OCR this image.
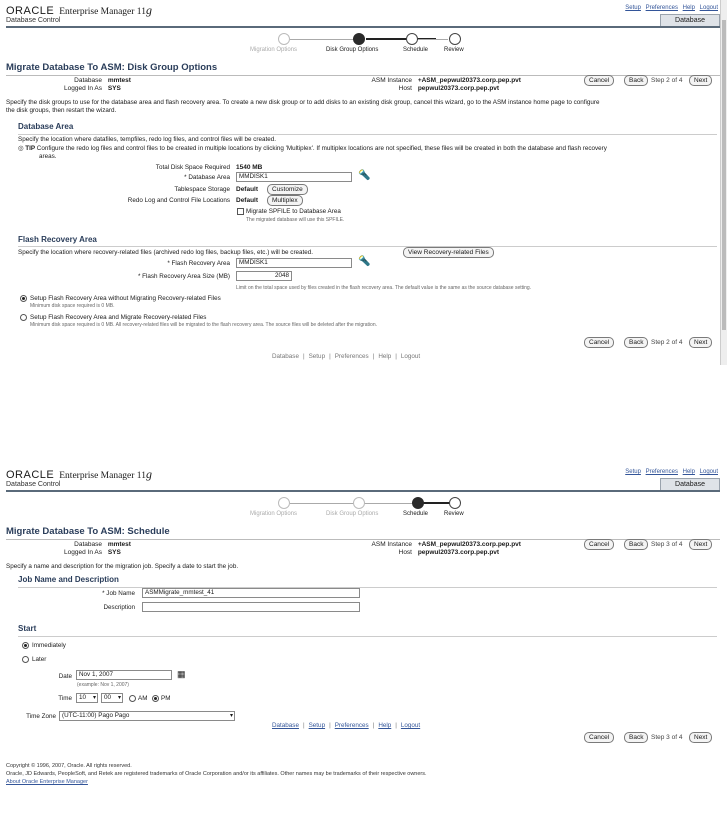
ORACLE Enterprise Manager 11g
Database Control
Setup Preferences Help Logout
Database
Migration Options	Disk Group Options	Schedule	Review
Migrate Database To ASM: Disk Group Options
Database mmtest
Logged In As SYS
ASM Instance +ASM_pepwul20373.corp.pep.pvt
Host pepwul20373.corp.pep.pvt
Cancel	Back	Step 2 of 4	Next
Specify the disk groups to use for the database area and flash recovery area. To create a new disk group or to add disks to an existing disk group, cancel this wizard, go to the ASM instance home page to configure
the disk groups, then restart the wizard.
Database Area
Specify the location where datafiles, tempfiles, redo log files, and control files will be created.
◎ TIP Configure the redo log files and control files to be created in multiple locations by clicking 'Multiplex'. If multiplex locations are not specified, these files will be created in both the database and flash recovery
areas.
Total Disk Space Required 1540 MB
* Database Area	MMDISK1	🔦
Tablespace Storage Default	Customize
Redo Log and Control File Locations Default	Multiplex
Migrate SPFILE to Database Area
The migrated database will use this SPFILE.
Flash Recovery Area
Specify the location where recovery-related files (archived redo log files, backup files, etc.) will be created.	View Recovery-related Files
* Flash Recovery Area	MMDISK1	🔦
* Flash Recovery Area Size (MB)	2048
Limit on the total space used by files created in the flash recovery area. The default value is the same as the source database setting.
Setup Flash Recovery Area without Migrating Recovery-related Files
Minimum disk space required is 0 MB.
Setup Flash Recovery Area and Migrate Recovery-related Files
Minimum disk space required is 0 MB. All recovery-related files will be migrated to the flash recovery area. The source files will be deleted after the migration.
Cancel	Back	Step 2 of 4	Next
Database | Setup | Preferences | Help | Logout
ORACLE Enterprise Manager 11g
Database Control
Setup Preferences Help Logout
Database
Migration Options	Disk Group Options	Schedule	Review
Migrate Database To ASM: Schedule
Database mmtest
Logged In As SYS
ASM Instance +ASM_pepwul20373.corp.pep.pvt
Host pepwul20373.corp.pep.pvt
Cancel	Back	Step 3 of 4	Next
Specify a name and description for the migration job. Specify a date to start the job.
Job Name and Description
* Job Name	ASMMigrate_mmtest_41
Description
Start
Immediately
Later
Date	Nov 1, 2007	▦
(example: Nov 1, 2007)
Time	10 ▾	00 ▾	AM PM
Time Zone (UTC-11:00) Pago Pago	▾
Database | Setup | Preferences | Help | Logout
Cancel	Back	Step 3 of 4	Next
Copyright © 1996, 2007, Oracle. All rights reserved.
Oracle, JD Edwards, PeopleSoft, and Retek are registered trademarks of Oracle Corporation and/or its affiliates. Other names may be trademarks of their respective owners.
About Oracle Enterprise Manager
